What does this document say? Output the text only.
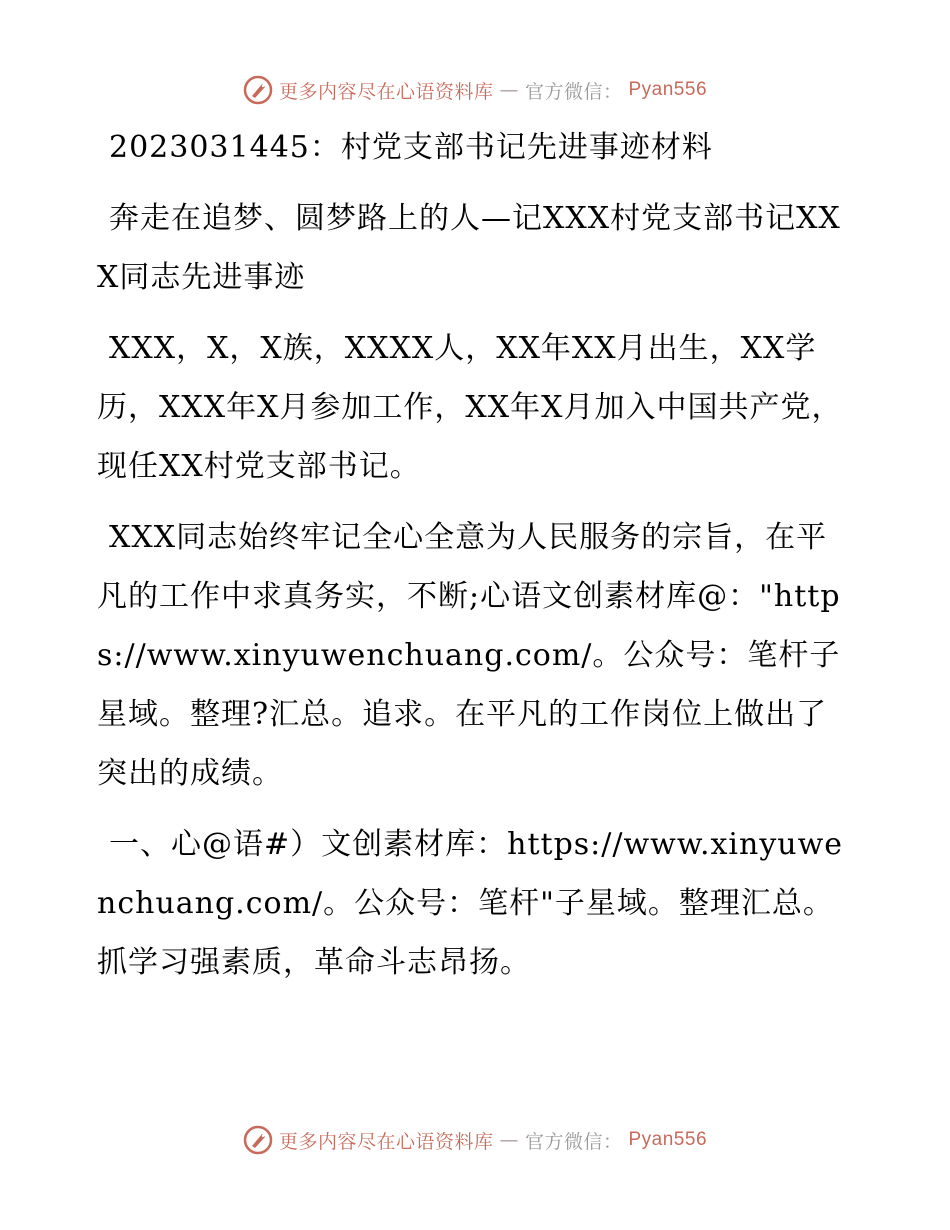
更多内容尽在心语资料库 — 官方微信： Pyan556

2023031445：村党支部书记先进事迹材料

奔走在追梦、圆梦路上的人—记XXX村党支部书记XXX同志先进事迹

XXX，X，X族，XXXX人，XX年XX月出生，XX学历，XXX年X月参加工作，XX年X月加入中国共产党，现任XX村党支部书记。

XXX同志始终牢记全心全意为人民服务的宗旨，在平凡的工作中求真务实，不断;心语文创素材库@："https://www.xinyuwenchuang.com/。公众号：笔杆子星域。整理?汇总。追求。在平凡的工作岗位上做出了突出的成绩。

一、心@语#）文创素材库：https://www.xinyuwenchuang.com/。公众号：笔杆"子星域。整理汇总。抓学习强素质，革命斗志昂扬。

更多内容尽在心语资料库 — 官方微信： Pyan556
